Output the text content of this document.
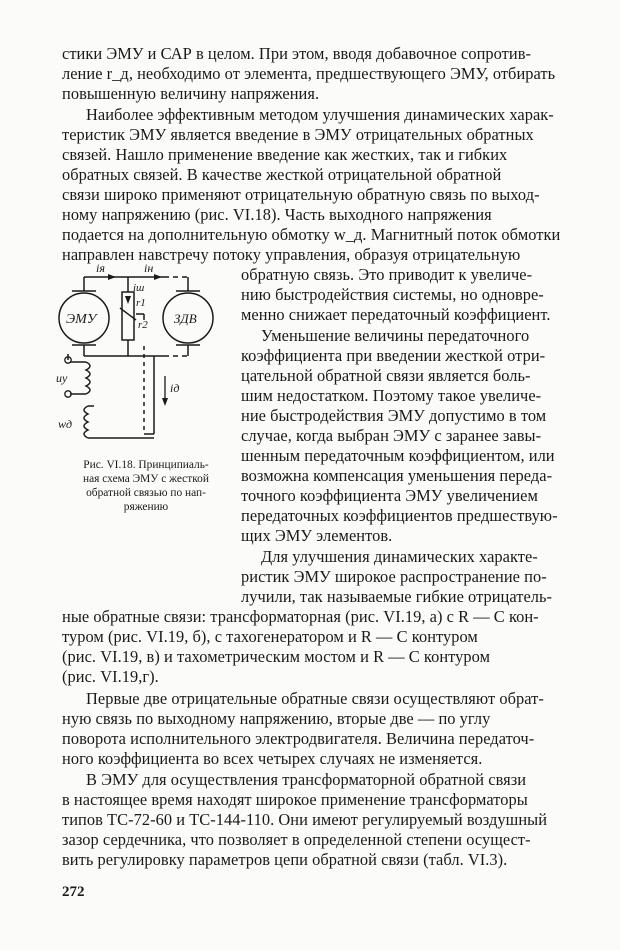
стики ЭМУ и САР в целом. При этом, вводя добавочное сопротив-
ление r_д, необходимо от элемента, предшествующего ЭМУ, отбирать
повышенную величину напряжения.
Наиболее эффективным методом улучшения динамических харак-
теристик ЭМУ является введение в ЭМУ отрицательных обратных
связей. Нашло применение введение как жестких, так и гибких
обратных связей. В качестве жесткой отрицательной обратной
связи широко применяют отрицательную обратную связь по выход-
ному напряжению (рис. VI.18). Часть выходного напряжения
подается на дополнительную обмотку w_д. Магнитный поток обмотки
направлен навстречу потоку управления, образуя отрицательную
обратную связь. Это приводит к увеличе-
нию быстродействия системы, но одновре-
менно снижает передаточный коэффициент.
Уменьшение величины передаточного
коэффициента при введении жесткой отри-
цательной обратной связи является боль-
шим недостатком. Поэтому такое увеличе-
ние быстродействия ЭМУ допустимо в том
случае, когда выбран ЭМУ с заранее завы-
шенным передаточным коэффициентом, или
возможна компенсация уменьшения переда-
точного коэффициента ЭМУ увеличением
передаточных коэффициентов предшествую-
щих ЭМУ элементов.
Для улучшения динамических характе-
ристик ЭМУ широкое распространение по-
лучили, так называемые гибкие отрицатель-
ные обратные связи: трансформаторная (рис. VI.19, а) с R — C кон-
туром (рис. VI.19, б), с тахогенератором и R — C контуром
(рис. VI.19, в) и тахометрическим мостом и R — C контуром
(рис. VI.19,г).
Первые две отрицательные обратные связи осуществляют обрат-
ную связь по выходному напряжению, вторые две — по углу
поворота исполнительного электродвигателя. Величина передаточ-
ного коэффициента во всех четырех случаях не изменяется.
В ЭМУ для осуществления трансформаторной обратной связи
в настоящее время находят широкое применение трансформаторы
типов ТС-72-60 и ТС-144-110. Они имеют регулируемый воздушный
зазор сердечника, что позволяет в определенной степени осущест-
вить регулировку параметров цепи обратной связи (табл. VI.3).
272
ЭМУ	ЗДВ
iя	iн
iш
r1
r2
uу
iд
wд
Рис. VI.18. Принципиаль-
ная схема ЭМУ с жесткой
обратной связью по нап-
ряжению
